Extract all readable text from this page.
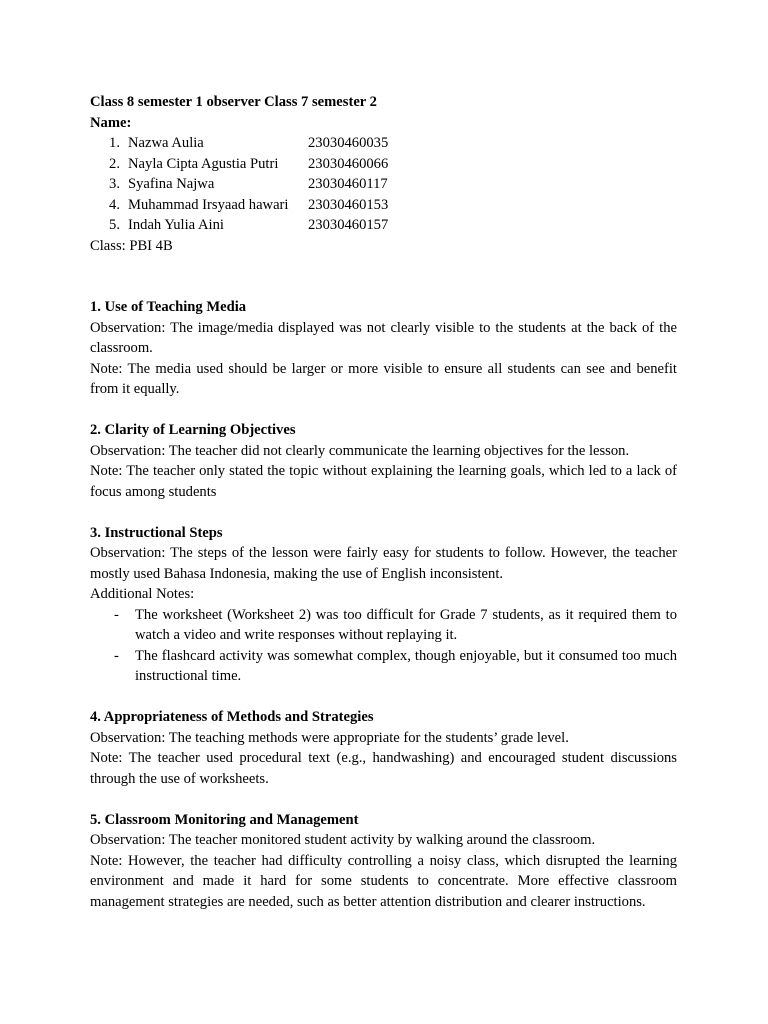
Class 8 semester 1 observer Class 7 semester 2

Name:

1. Nazwa Aulia	23030460035
2. Nayla Cipta Agustia Putri	23030460066
3. Syafina Najwa	23030460117
4. Muhammad Irsyaad hawari	23030460153
5. Indah Yulia Aini	23030460157

Class: PBI 4B

1. Use of Teaching Media

Observation: The image/media displayed was not clearly visible to the students at the back of the classroom.

Note: The media used should be larger or more visible to ensure all students can see and benefit from it equally.

2. Clarity of Learning Objectives

Observation: The teacher did not clearly communicate the learning objectives for the lesson.

Note: The teacher only stated the topic without explaining the learning goals, which led to a lack of focus among students

3. Instructional Steps

Observation: The steps of the lesson were fairly easy for students to follow. However, the teacher mostly used Bahasa Indonesia, making the use of English inconsistent.

Additional Notes:

-	The worksheet (Worksheet 2) was too difficult for Grade 7 students, as it required them to watch a video and write responses without replaying it.
-	The flashcard activity was somewhat complex, though enjoyable, but it consumed too much instructional time.
4. Appropriateness of Methods and Strategies

Observation: The teaching methods were appropriate for the students’ grade level.

Note: The teacher used procedural text (e.g., handwashing) and encouraged student discussions through the use of worksheets.

5. Classroom Monitoring and Management

Observation: The teacher monitored student activity by walking around the classroom.

Note: However, the teacher had difficulty controlling a noisy class, which disrupted the learning environment and made it hard for some students to concentrate. More effective classroom management strategies are needed, such as better attention distribution and clearer instructions.
